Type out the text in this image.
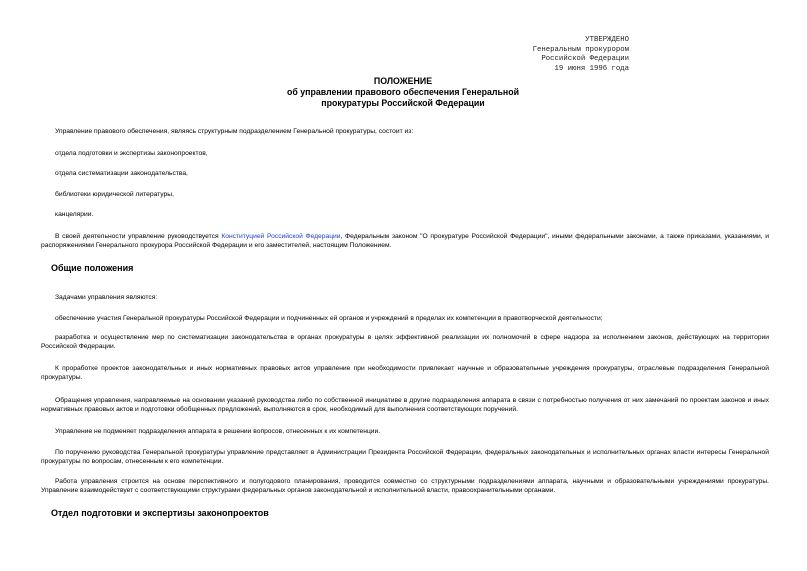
УТВЕРЖДЕНО
Генеральным прокурором
Российской Федерации
19 июня 1996 года
ПОЛОЖЕНИЕ
об управлении правового обеспечения Генеральной
прокуратуры Российской Федерации
Управление правового обеспечения, являясь структурным подразделением Генеральной прокуратуры, состоит из:
отдела подготовки и экспертизы законопроектов,
отдела систематизации законодательства,
библиотеки юридической литературы,
канцелярии.
В своей деятельности управление руководствуется Конституцией Российской Федерации, Федеральным законом "О прокуратуре Российской Федерации", иными федеральными законами, а также приказами, указаниями, и распоряжениями Генерального прокурора Российской Федерации и его заместителей, настоящим Положением.
Общие положения
Задачами управления являются:
обеспечение участия Генеральной прокуратуры Российской Федерации и подчиненных ей органов и учреждений в пределах их компетенции в правотворческой деятельности;
разработка и осуществление мер по систематизации законодательства в органах прокуратуры в целях эффективной реализации их полномочий в сфере надзора за исполнением законов, действующих на территории Российской Федерации.
К проработке проектов законодательных и иных нормативных правовых актов управление при необходимости привлекает научные и образовательные учреждения прокуратуры, отраслевые подразделения Генеральной прокуратуры.
Обращения управления, направляемые на основании указаний руководства либо по собственной инициативе в другие подразделения аппарата в связи с потребностью получения от них замечаний по проектам законов и иных нормативных правовых актов и подготовки обобщенных предложений, выполняются в срок, необходимый для выполнения соответствующих поручений.
Управление не подменяет подразделения аппарата в решении вопросов, отнесенных к их компетенции.
По поручению руководства Генеральной прокуратуры управление представляет в Администрации Президента Российской Федерации, федеральных законодательных и исполнительных органах власти интересы Генеральной прокуратуры по вопросам, отнесенным к его компетенции.
Работа управления строится на основе перспективного и полугодового планирования, проводится совместно со структурными подразделениями аппарата, научными и образовательными учреждениями прокуратуры. Управление взаимодействует с соответствующими структурами федеральных органов законодательной и исполнительной власти, правоохранительными органами.
Отдел подготовки и экспертизы законопроектов
